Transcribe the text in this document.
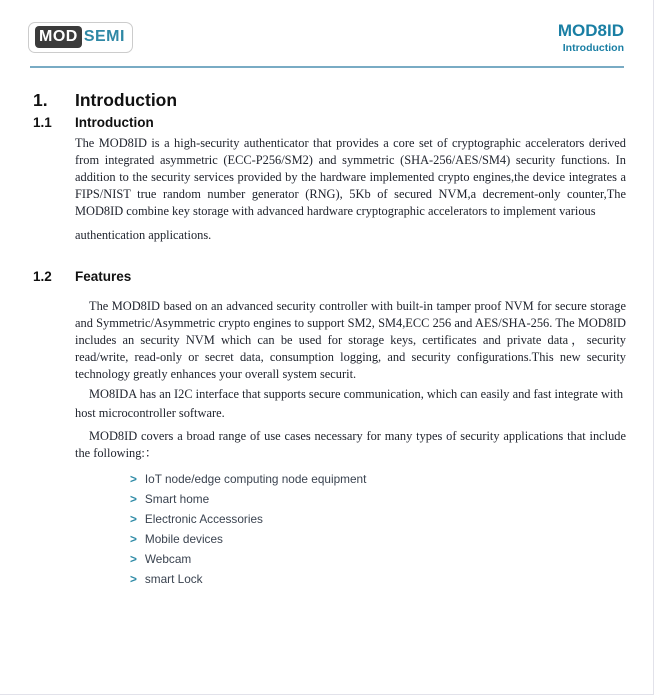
MOD SEMI	MOD8ID
Introduction
1.	Introduction
1.1	Introduction

The MOD8ID is a high-security authenticator that provides a core set of cryptographic accelerators derived from integrated asymmetric (ECC-P256/SM2) and symmetric (SHA-256/AES/SM4) security functions. In addition to the security services provided by the hardware implemented crypto engines,the device integrates a FIPS/NIST true random number generator (RNG), 5Kb of secured NVM,a decrement-only counter,The MOD8ID combine key storage with advanced hardware cryptographic accelerators to implement various

authentication applications.

1.2	Features

The MOD8ID based on an advanced security controller with built-in tamper proof NVM for secure storage and Symmetric/Asymmetric crypto engines to support SM2, SM4,ECC 256 and AES/SHA-256. The MOD8ID includes an security NVM which can be used for storage keys, certificates and private data，security read/write, read-only or secret data, consumption logging, and security configurations.This new security technology greatly enhances your overall system securit.

MO8IDA has an I2C interface that supports secure communication, which can easily and fast integrate with host microcontroller software.

MOD8ID covers a broad range of use cases necessary for many types of security applications that include the following:：

> IoT node/edge computing node equipment
> Smart home
> Electronic Accessories
> Mobile devices
> Webcam
> smart Lock
